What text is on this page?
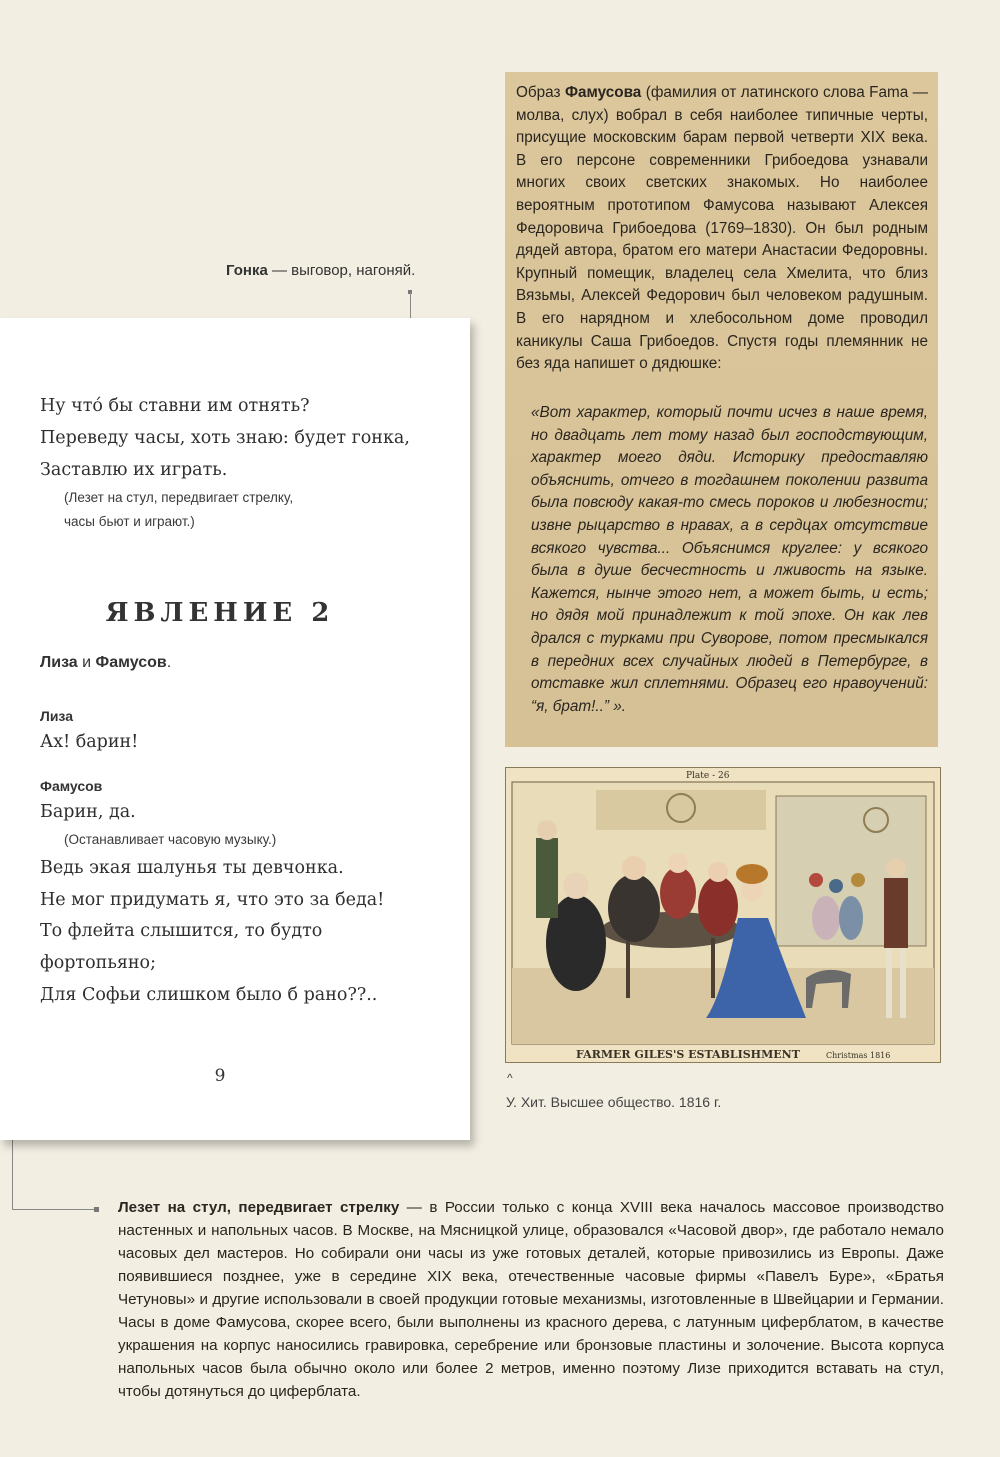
Гонка — выговор, нагоняй.
Ну чтó бы ставни им отнять?
Переведу часы, хоть знаю: будет гонка,
Заставлю их играть.
(Лезет на стул, передвигает стрелку,
часы бьют и играют.)
ЯВЛЕНИЕ 2
Лиза и Фамусов.
Лиза
Ах! барин!
Фамусов
Барин, да.
(Останавливает часовую музыку.)
Ведь экая шалунья ты девчонка.
Не мог придумать я, что это за беда!
То флейта слышится, то будто
фортопьяно;
Для Софьи слишком было б рано??..
9
Образ Фамусова (фамилия от латинского слова Fama — молва, слух) вобрал в себя наиболее типичные черты, присущие московским барам первой четверти XIX века. В его персоне современники Грибоедова узнавали многих своих светских знакомых. Но наиболее вероятным прототипом Фамусова называют Алексея Федоровича Грибоедова (1769–1830). Он был родным дядей автора, братом его матери Анастасии Федоровны. Крупный помещик, владелец села Хмелита, что близ Вязьмы, Алексей Федорович был человеком радушным. В его нарядном и хлебосольном доме проводил каникулы Саша Грибоедов. Спустя годы племянник не без яда напишет о дядюшке:
«Вот характер, который почти исчез в наше время, но двадцать лет тому назад был господствующим, характер моего дяди. Историку предоставляю объяснить, отчего в тогдашнем поколении развита была повсюду какая-то смесь пороков и любезности; извне рыцарство в нравах, а в сердцах отсутствие всякого чувства... Объяснимся круглее: у всякого была в душе бесчестность и лживость на языке. Кажется, нынче этого нет, а может быть, и есть; но дядя мой принадлежит к той эпохе. Он как лев дрался с турками при Суворове, потом пресмыкался в передних всех случайных людей в Петербурге, в отставке жил сплетнями. Образец его нравоучений: “я, брат!..” ».
FARMER GILES'S ESTABLISHMENT	Christmas 1816
Plate - 26
^
У. Хит. Высшее общество. 1816 г.
Лезет на стул, передвигает стрелку — в России только с конца XVIII века началось массовое производство настенных и напольных часов. В Москве, на Мясницкой улице, образовался «Часовой двор», где работало немало часовых дел мастеров. Но собирали они часы из уже готовых деталей, которые привозились из Европы. Даже появившиеся позднее, уже в середине XIX века, отечественные часовые фирмы «Павелъ Буре», «Братья Четуновы» и другие использовали в своей продукции готовые механизмы, изготовленные в Швейцарии и Германии. Часы в доме Фамусова, скорее всего, были выполнены из красного дерева, с латунным циферблатом, в качестве украшения на корпус наносились гравировка, серебрение или бронзовые пластины и золочение. Высота корпуса напольных часов была обычно около или более 2 метров, именно поэтому Лизе приходится вставать на стул, чтобы дотянуться до циферблата.
